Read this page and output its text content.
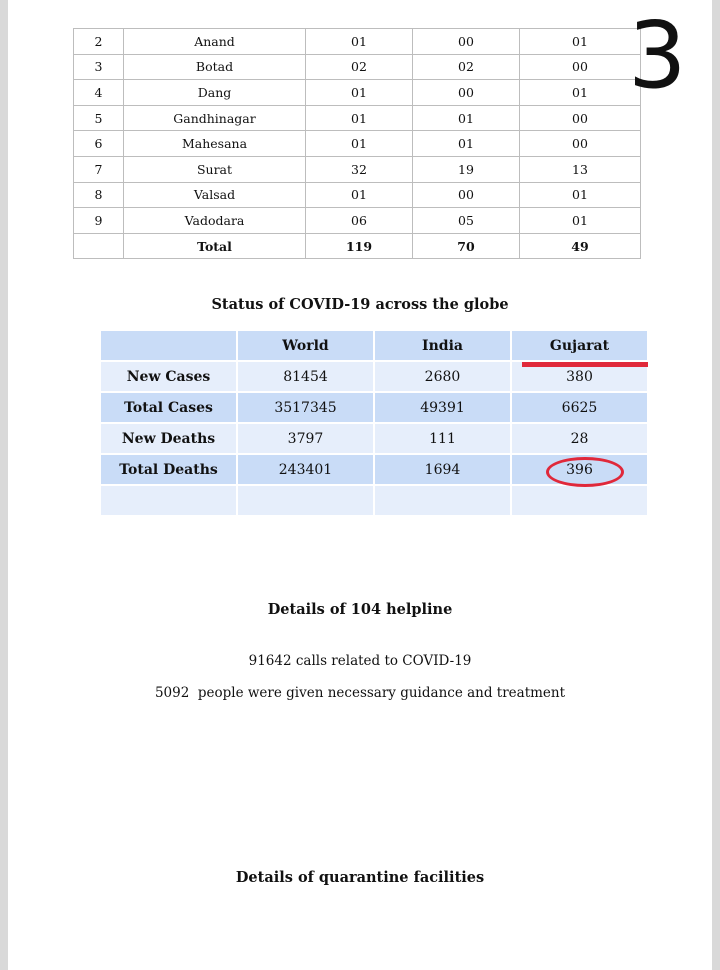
2	Anand	01	00	01
3	Botad	02	02	00
4	Dang	01	00	01
5	Gandhinagar	01	01	00
6	Mahesana	01	01	00
7	Surat	32	19	13
8	Valsad	01	00	01
9	Vadodara	06	05	01
	Total	119	70	49
3
Status of COVID-19 across the globe
	World	India	Gujarat
New Cases	81454	2680	380
Total Cases	3517345	49391	6625
New Deaths	3797	111	28
Total Deaths	243401	1694	396

Details of 104 helpline
91642 calls related to COVID-19
5092  people were given necessary guidance and treatment
Details of quarantine facilities
